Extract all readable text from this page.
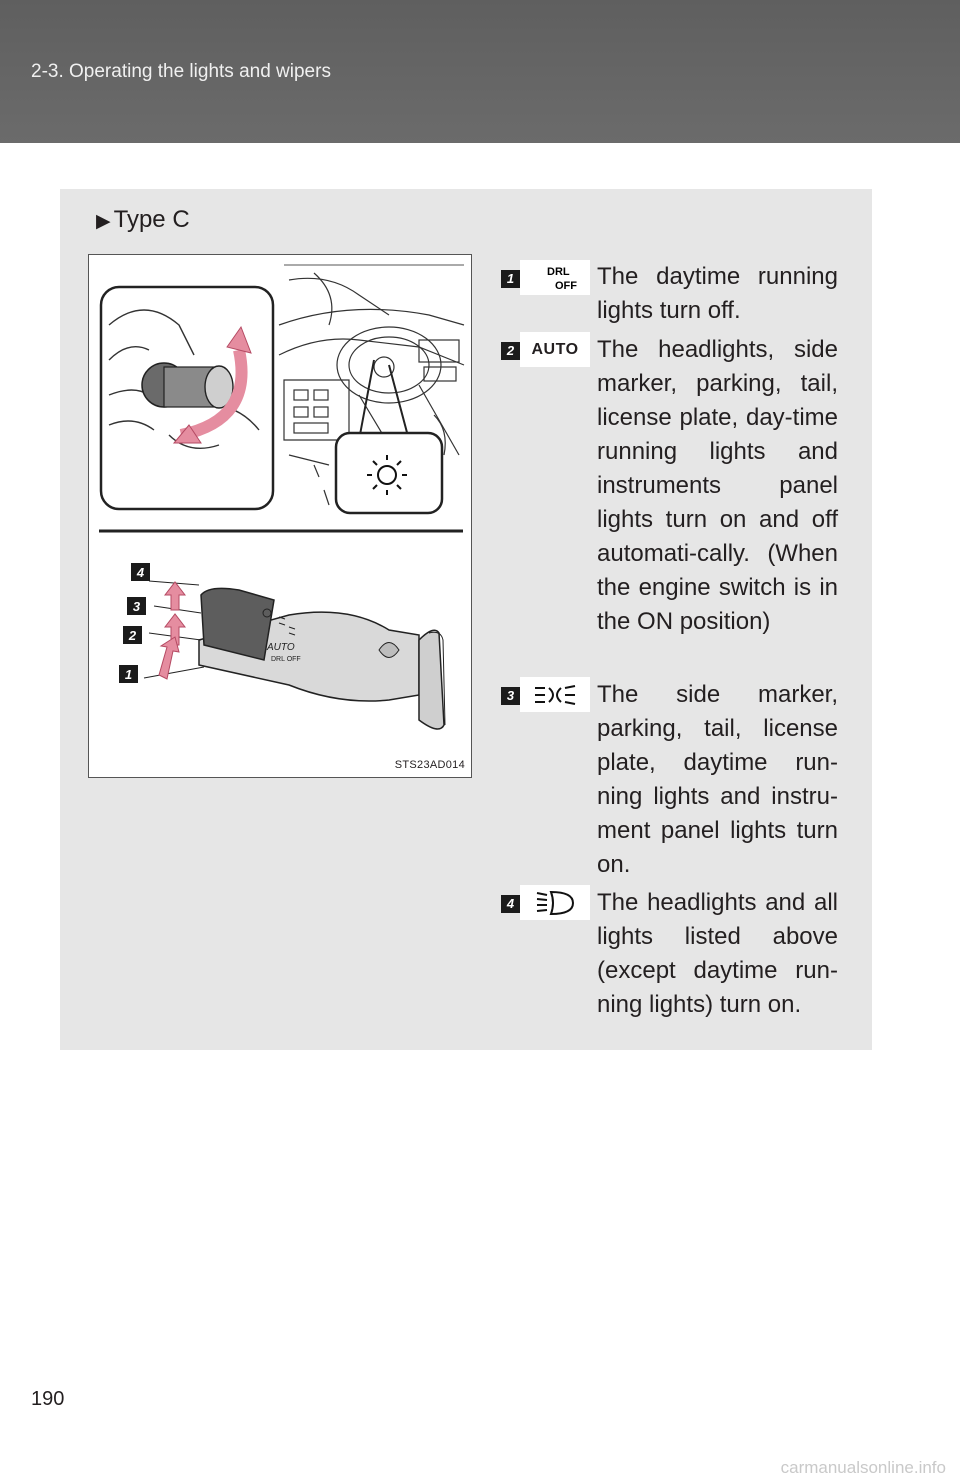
2-3. Operating the lights and wipers
▶ Type C
AUTO
DRL OFF
4
3
2
1
STS23AD014
1	DRL
OFF The daytime running lights turn off.
2	AUTO The headlights, side marker, parking, tail, license plate, day-time running lights and instruments panel lights turn on and off automati-cally. (When the engine switch is in the ON position)
3	The side marker, parking, tail, license plate, daytime run-ning lights and instru-ment panel lights turn on.
4	The headlights and all lights listed above (except daytime run-ning lights) turn on.
190
carmanualsonline.info
